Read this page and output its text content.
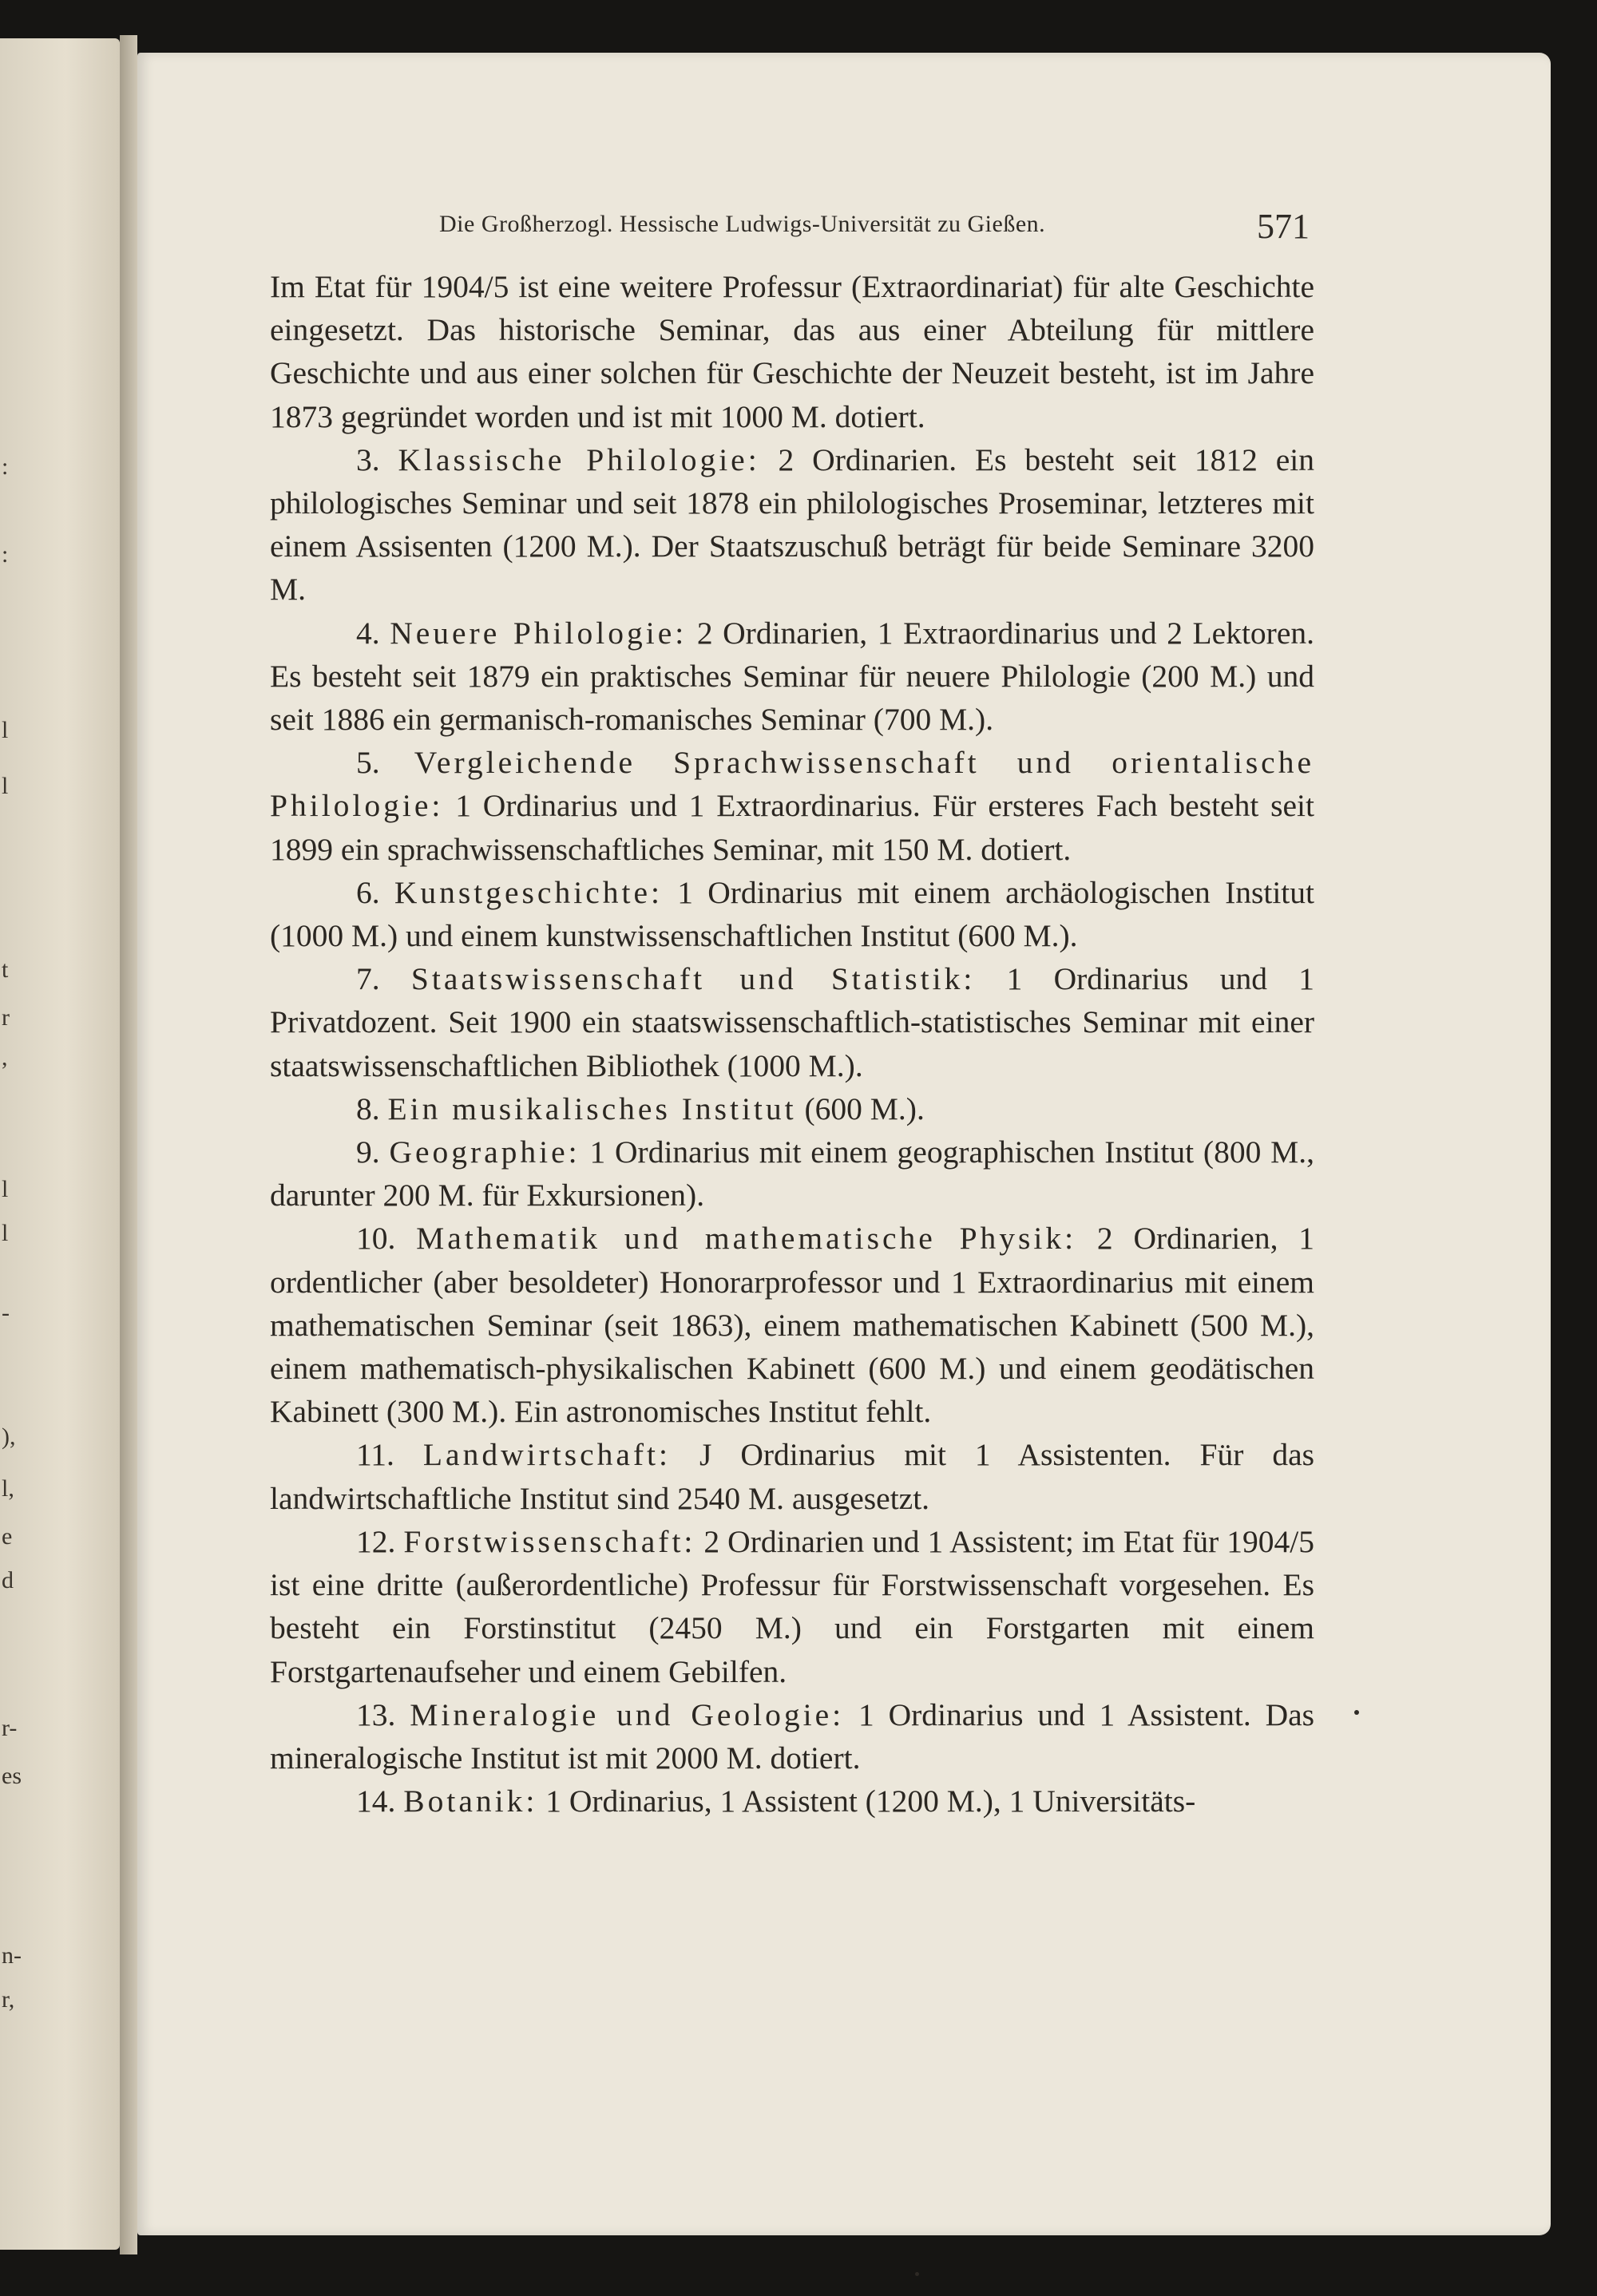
:
:
l
l
t
r
,
l
l
-
),
l,
e
d
r-
es
n-
r,
Die Großherzogl. Hessische Ludwigs-Universität zu Gießen.	571

Im Etat für 1904/5 ist eine weitere Professur (Extraordinariat) für alte Geschichte eingesetzt. Das historische Seminar, das aus einer Abteilung für mittlere Geschichte und aus einer solchen für Geschichte der Neuzeit besteht, ist im Jahre 1873 gegründet worden und ist mit 1000 M. dotiert.

3. Klassische Philologie: 2 Ordinarien. Es besteht seit 1812 ein philologisches Seminar und seit 1878 ein philologisches Proseminar, letzteres mit einem Assisenten (1200 M.). Der Staatszuschuß beträgt für beide Seminare 3200 M.

4. Neuere Philologie: 2 Ordinarien, 1 Extraordinarius und 2 Lektoren. Es besteht seit 1879 ein praktisches Seminar für neuere Philologie (200 M.) und seit 1886 ein germanisch-romanisches Seminar (700 M.).

5. Vergleichende Sprachwissenschaft und orientalische Philologie: 1 Ordinarius und 1 Extraordinarius. Für ersteres Fach besteht seit 1899 ein sprachwissenschaftliches Seminar, mit 150 M. dotiert.

6. Kunstgeschichte: 1 Ordinarius mit einem archäologischen Institut (1000 M.) und einem kunstwissenschaftlichen Institut (600 M.).

7. Staatswissenschaft und Statistik: 1 Ordinarius und 1 Privatdozent. Seit 1900 ein staatswissenschaftlich-statistisches Seminar mit einer staatswissenschaftlichen Bibliothek (1000 M.).

8. Ein musikalisches Institut (600 M.).

9. Geographie: 1 Ordinarius mit einem geographischen Institut (800 M., darunter 200 M. für Exkursionen).

10. Mathematik und mathematische Physik: 2 Ordinarien, 1 ordentlicher (aber besoldeter) Honorarprofessor und 1 Extraordinarius mit einem mathematischen Seminar (seit 1863), einem mathematischen Kabinett (500 M.), einem mathematisch-physikalischen Kabinett (600 M.) und einem geodätischen Kabinett (300 M.). Ein astronomisches Institut fehlt.

11. Landwirtschaft: J Ordinarius mit 1 Assistenten. Für das landwirtschaftliche Institut sind 2540 M. ausgesetzt.

12. Forstwissenschaft: 2 Ordinarien und 1 Assistent; im Etat für 1904/5 ist eine dritte (außerordentliche) Professur für Forstwissenschaft vorgesehen. Es besteht ein Forstinstitut (2450 M.) und ein Forstgarten mit einem Forstgartenaufseher und einem Gebilfen.

13. Mineralogie und Geologie: 1 Ordinarius und 1 Assistent. Das mineralogische Institut ist mit 2000 M. dotiert.

14. Botanik: 1 Ordinarius, 1 Assistent (1200 M.), 1 Universitäts-
